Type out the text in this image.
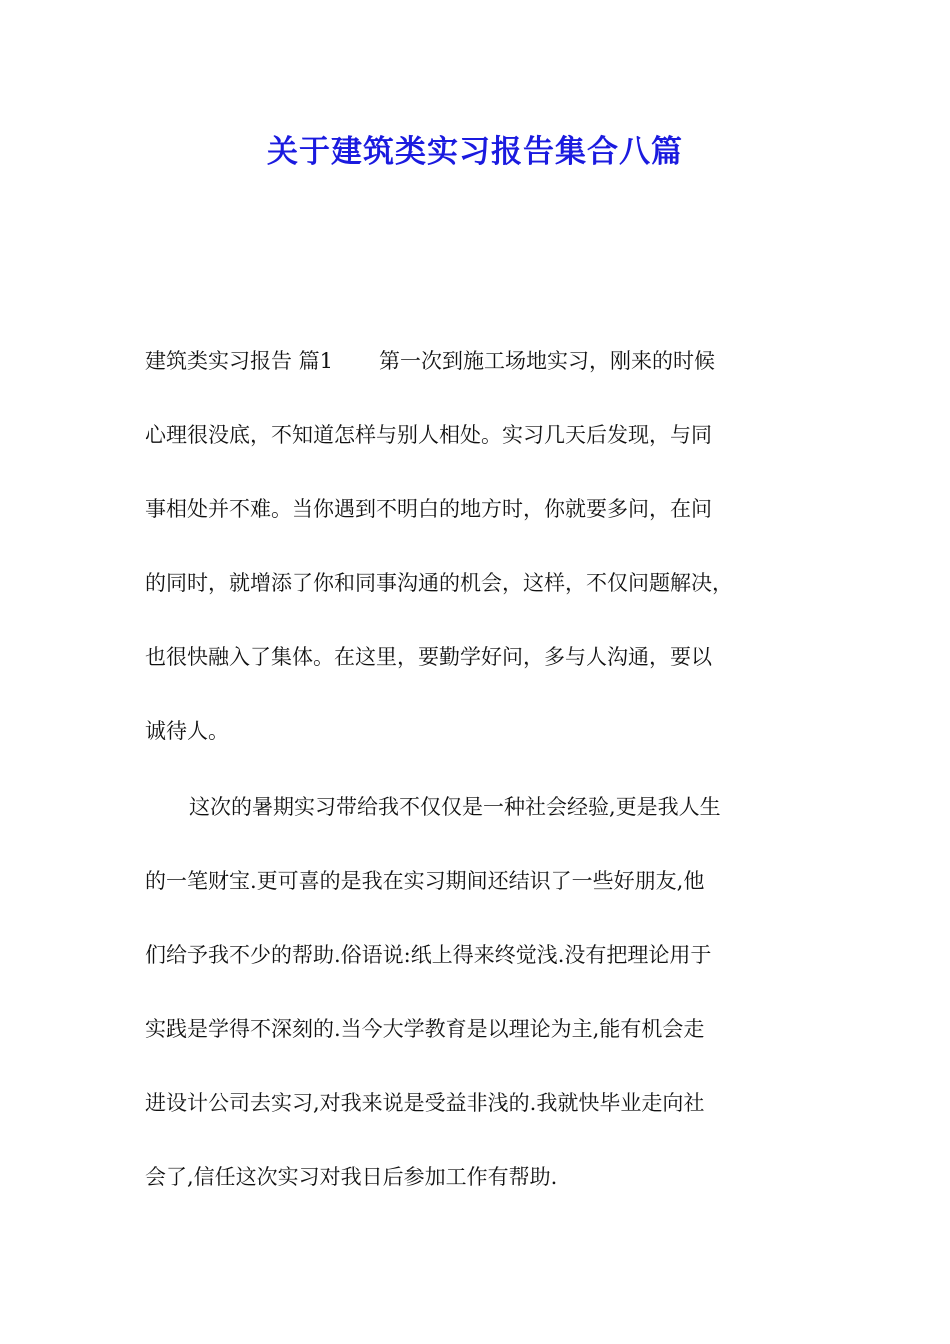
关于建筑类实习报告集合八篇
建筑类实习报告 篇1 第一次到施工场地实习，刚来的时候
心理很没底，不知道怎样与别人相处。实习几天后发现，与同
事相处并不难。当你遇到不明白的地方时，你就要多问，在问
的同时，就增添了你和同事沟通的机会，这样，不仅问题解决，
也很快融入了集体。在这里，要勤学好问，多与人沟通，要以
诚待人。
这次的暑期实习带给我不仅仅是一种社会经验,更是我人生
的一笔财宝.更可喜的是我在实习期间还结识了一些好朋友,他
们给予我不少的帮助.俗语说:纸上得来终觉浅.没有把理论用于
实践是学得不深刻的.当今大学教育是以理论为主,能有机会走
进设计公司去实习,对我来说是受益非浅的.我就快毕业走向社
会了,信任这次实习对我日后参加工作有帮助.
